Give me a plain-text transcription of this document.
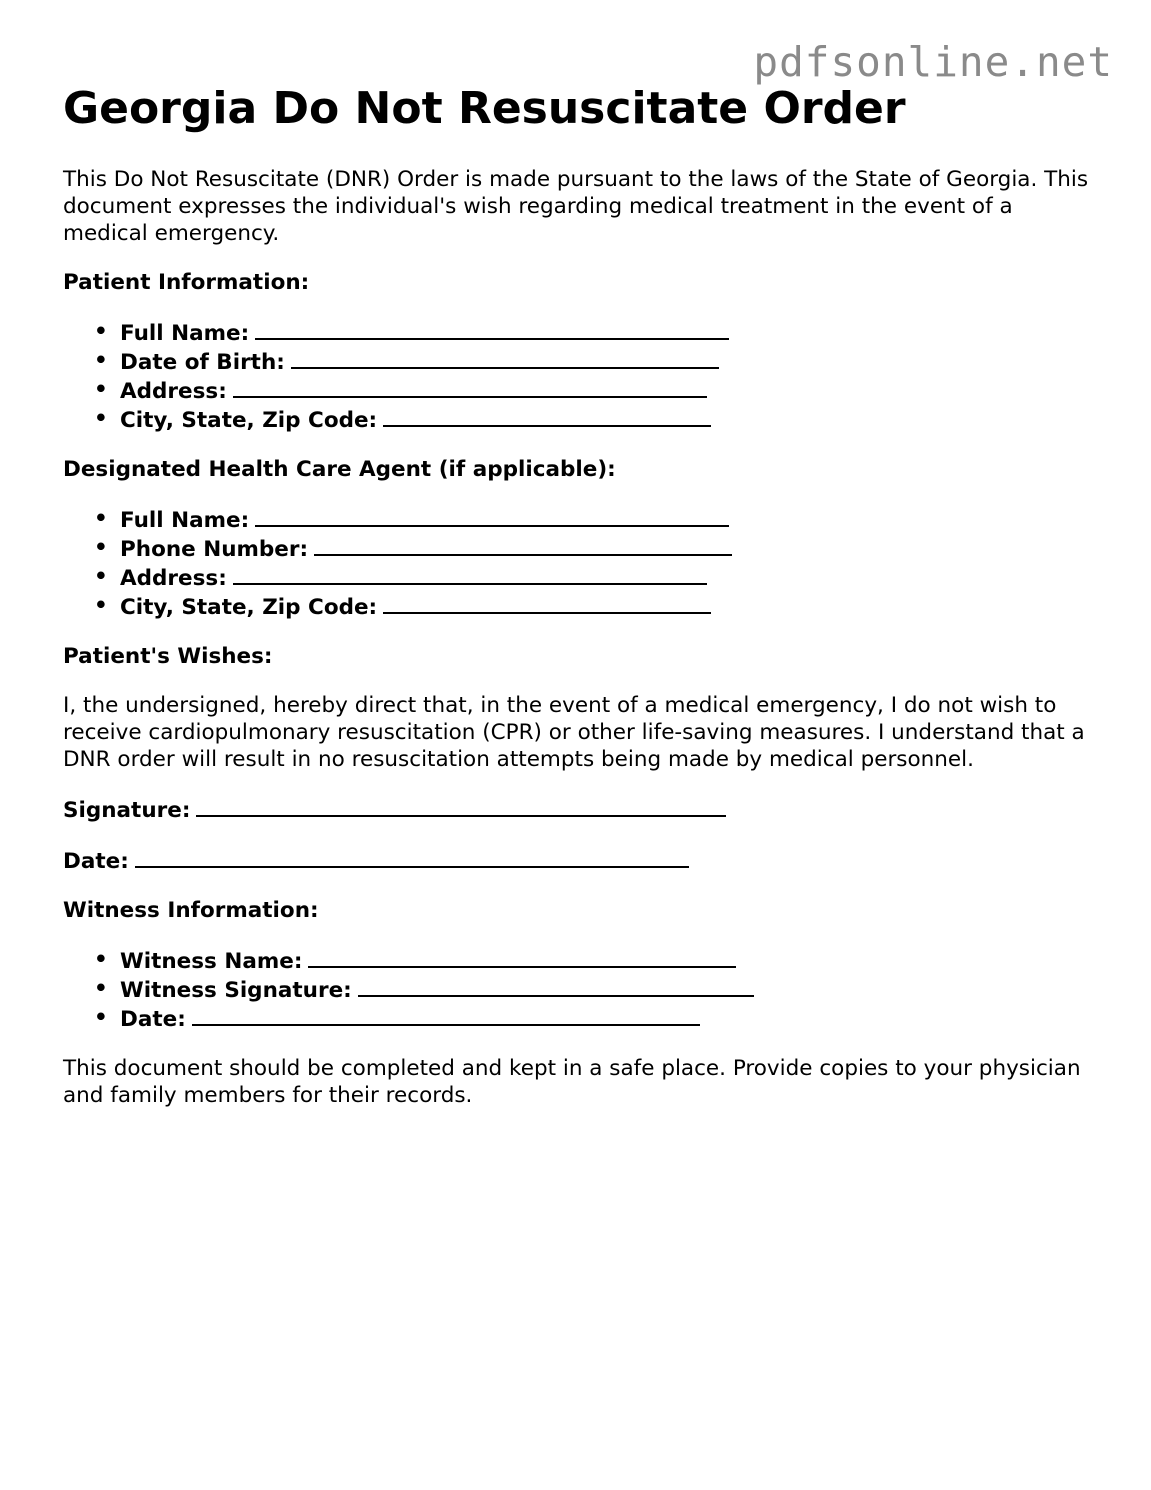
pdfsonline.net
Georgia Do Not Resuscitate Order

This Do Not Resuscitate (DNR) Order is made pursuant to the laws of the State of Georgia. This document expresses the individual's wish regarding medical treatment in the event of a medical emergency.

Patient Information:
• Full Name:
• Date of Birth:
• Address:
• City, State, Zip Code:
Designated Health Care Agent (if applicable):
• Full Name:
• Phone Number:
• Address:
• City, State, Zip Code:
Patient's Wishes:

I, the undersigned, hereby direct that, in the event of a medical emergency, I do not wish to receive cardiopulmonary resuscitation (CPR) or other life-saving measures. I understand that a DNR order will result in no resuscitation attempts being made by medical personnel.

Signature:
Date:
Witness Information:
• Witness Name:
• Witness Signature:
• Date:

This document should be completed and kept in a safe place. Provide copies to your physician and family members for their records.
